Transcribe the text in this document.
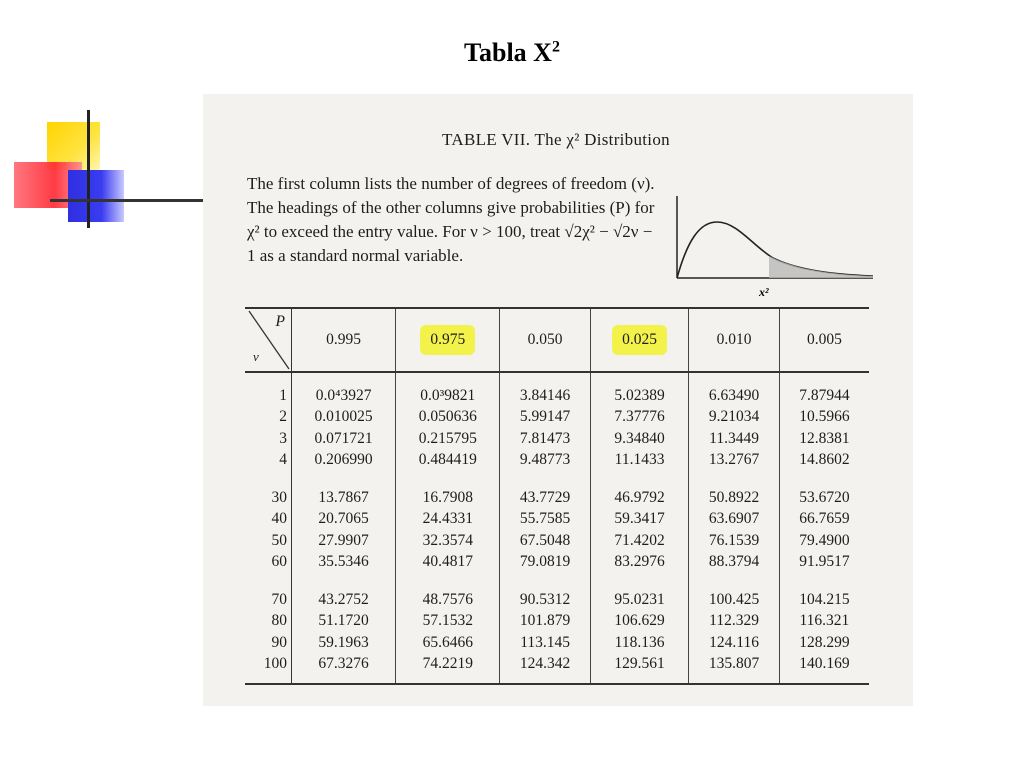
Tabla $X^2$
TABLE VII. The χ² Distribution

The first column lists the number of degrees of freedom (ν). The headings of the other columns give probabilities (P) for χ² to exceed the entry value. For ν > 100, treat √2χ² − √2ν − 1 as a standard normal variable.

x²
P
ν	0.995	0.975	0.050	0.025	0.010	0.005
1	0.0⁴3927	0.0³9821	3.84146	5.02389	6.63490	7.87944
2	0.010025	0.050636	5.99147	7.37776	9.21034	10.5966
3	0.071721	0.215795	7.81473	9.34840	11.3449	12.8381
4	0.206990	0.484419	9.48773	11.1433	13.2767	14.8602
30	13.7867	16.7908	43.7729	46.9792	50.8922	53.6720
40	20.7065	24.4331	55.7585	59.3417	63.6907	66.7659
50	27.9907	32.3574	67.5048	71.4202	76.1539	79.4900
60	35.5346	40.4817	79.0819	83.2976	88.3794	91.9517
70	43.2752	48.7576	90.5312	95.0231	100.425	104.215
80	51.1720	57.1532	101.879	106.629	112.329	116.321
90	59.1963	65.6466	113.145	118.136	124.116	128.299
100	67.3276	74.2219	124.342	129.561	135.807	140.169
